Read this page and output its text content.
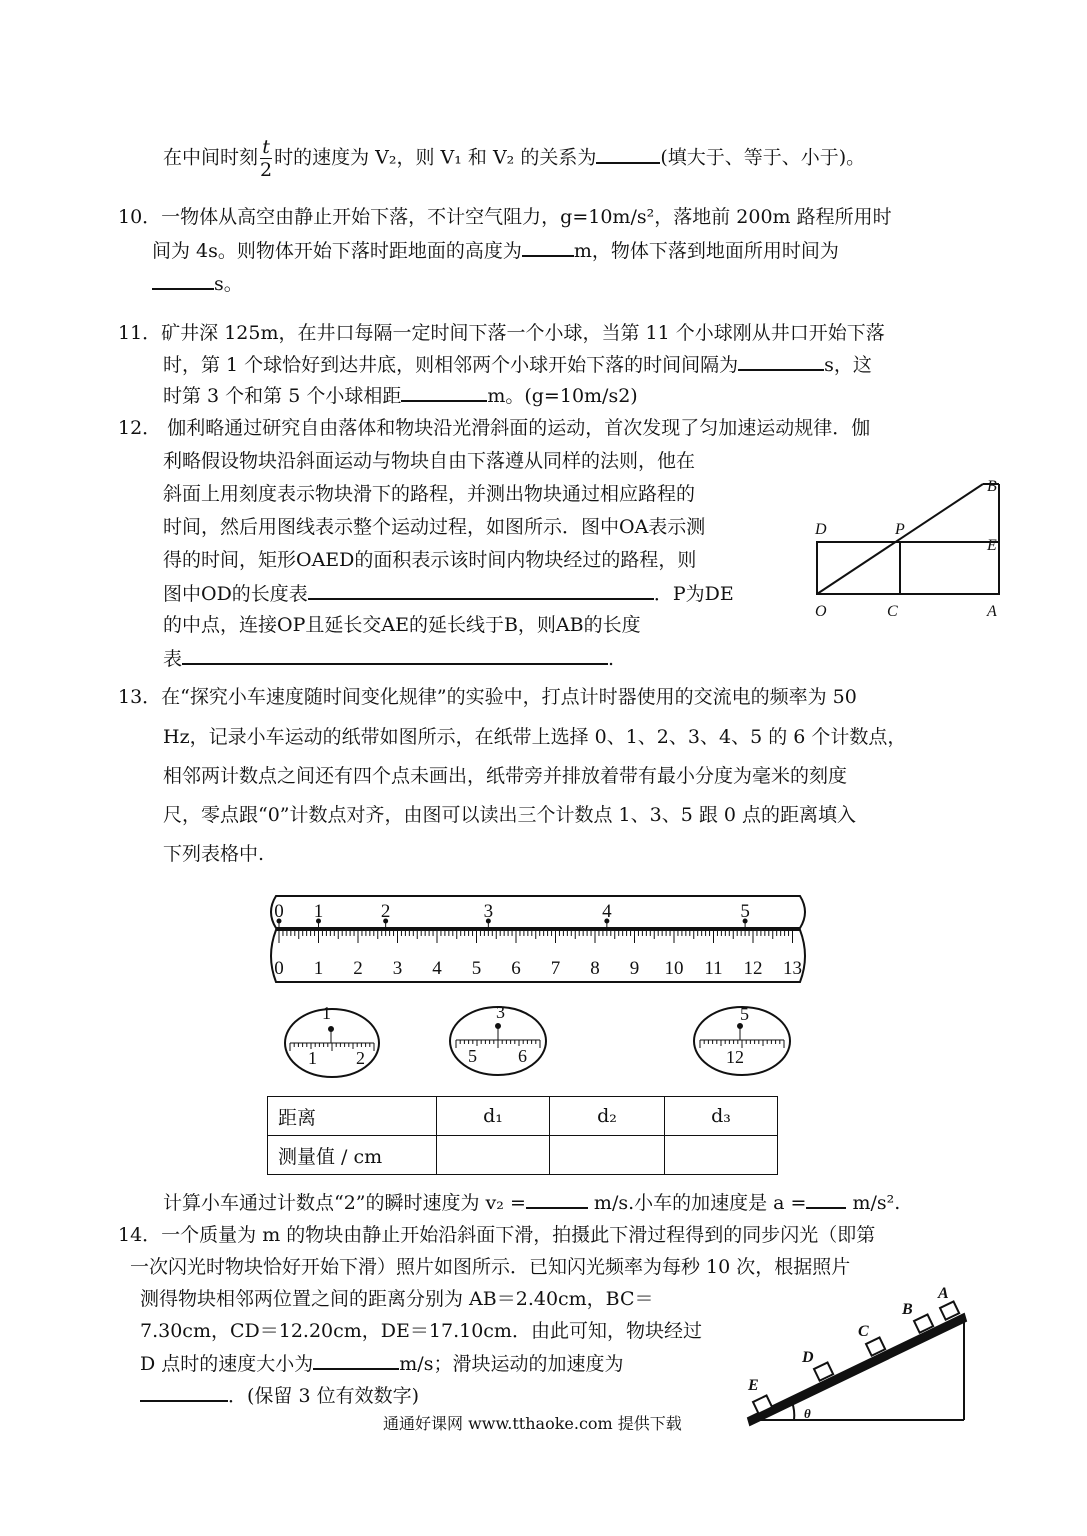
在中间时刻 $\frac{t}{2}$ 时的速度为 V₂，则 V₁ 和 V₂ 的关系为	(填大于、等于、小于)。
10．一物体从高空由静止开始下落，不计空气阻力，g=10m/s²，落地前 200m 路程所用时
间为 4s。则物体开始下落时距地面的高度为	m，物体下落到地面所用时间为
s。
11．矿井深 125m，在井口每隔一定时间下落一个小球，当第 11 个小球刚从井口开始下落
时，第 1 个球恰好到达井底，则相邻两个小球开始下落的时间间隔为	s，这
时第 3 个和第 5 个小球相距	m。(g=10m/s2)
12． 伽利略通过研究自由落体和物块沿光滑斜面的运动，首次发现了匀加速运动规律．伽
利略假设物块沿斜面运动与物块自由下落遵从同样的法则，他在
斜面上用刻度表示物块滑下的路程，并测出物块通过相应路程的
时间，然后用图线表示整个运动过程，如图所示．图中OA表示测
得的时间，矩形OAED的面积表示该时间内物块经过的路程，则
图中OD的长度表	．P为DE
的中点，连接OP且延长交AE的延长线于B，则AB的长度
表	.
B
D	P
E
O	C	A
13．在“探究小车速度随时间变化规律”的实验中，打点计时器使用的交流电的频率为 50
Hz，记录小车运动的纸带如图所示，在纸带上选择 0、1、2、3、4、5 的 6 个计数点，
相邻两计数点之间还有四个点未画出，纸带旁并排放着带有最小分度为毫米的刻度
尺，零点跟“0”计数点对齐，由图可以读出三个计数点 1、3、5 跟 0 点的距离填入
下列表格中.
0 1	2	3	4	5
0 1 2 3 4 5 6 7 8 9 10 11 12 13
1
1 2
3
5 6
5
12
距离	d₁	d₂	d₃
测量值 / cm			
计算小车通过计数点“2”的瞬时速度为 v₂ =	m/s.小车的加速度是 a = m/s².
14．一个质量为 m 的物块由静止开始沿斜面下滑，拍摄此下滑过程得到的同步闪光（即第
一次闪光时物块恰好开始下滑）照片如图所示．已知闪光频率为每秒 10 次，根据照片
测得物块相邻两位置之间的距离分别为 AB＝2.40cm，BC＝
7.30cm，CD＝12.20cm，DE＝17.10cm．由此可知，物块经过
D 点时的速度大小为	m/s；滑块运动的加速度为
．(保留 3 位有效数字)
A
B
C
D
E
θ
通通好课网 www.tthaoke.com 提供下载
